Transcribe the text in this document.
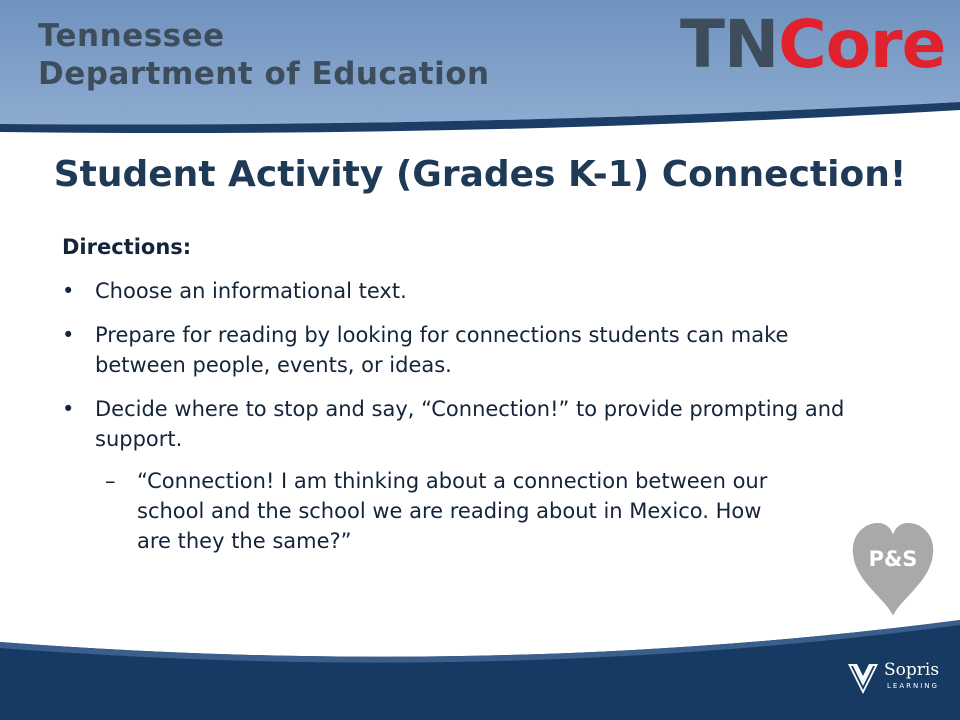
Tennessee
Department of Education	TNCore
Student Activity (Grades K-1) Connection!
Directions:
• Choose an informational text.
• Prepare for reading by looking for connections students can make between people, events, or ideas.
• Decide where to stop and say, “Connection!” to provide prompting and support.
– “Connection! I am thinking about a connection between our school and the school we are reading about in Mexico. How are they the same?”
P&S
Sopris
LEARNING
